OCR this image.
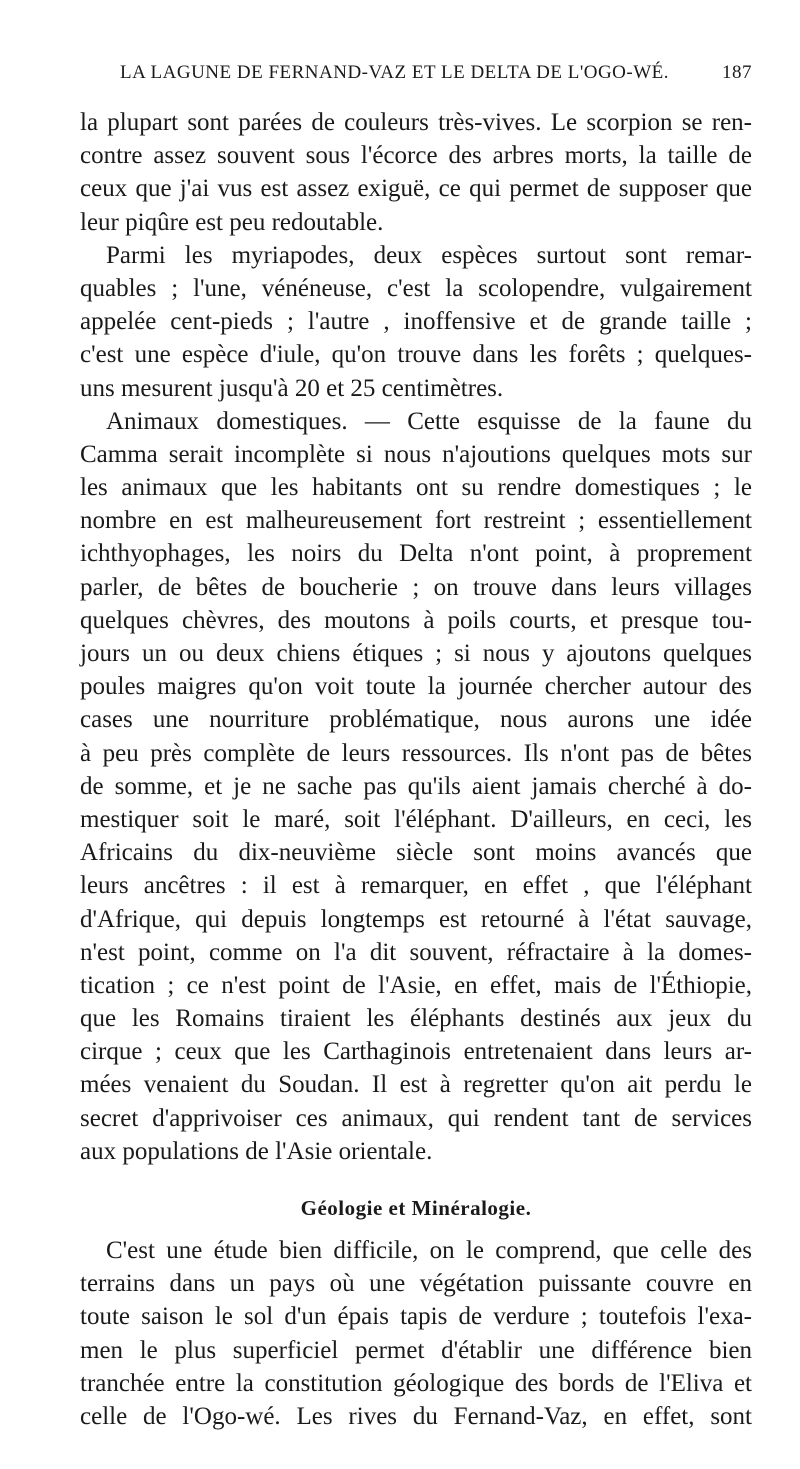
LA LAGUNE DE FERNAND-VAZ ET LE DELTA DE L'OGO-WÉ.	187
la plupart sont parées de couleurs très-vives. Le scorpion se ren-
contre assez souvent sous l'écorce des arbres morts, la taille de
ceux que j'ai vus est assez exiguë, ce qui permet de supposer que
leur piqûre est peu redoutable.
Parmi les myriapodes, deux espèces surtout sont remar-
quables ; l'une, vénéneuse, c'est la scolopendre, vulgairement
appelée cent-pieds ; l'autre , inoffensive et de grande taille ;
c'est une espèce d'iule, qu'on trouve dans les forêts ; quelques-
uns mesurent jusqu'à 20 et 25 centimètres.
Animaux domestiques. — Cette esquisse de la faune du
Camma serait incomplète si nous n'ajoutions quelques mots sur
les animaux que les habitants ont su rendre domestiques ; le
nombre en est malheureusement fort restreint ; essentiellement
ichthyophages, les noirs du Delta n'ont point, à proprement
parler, de bêtes de boucherie ; on trouve dans leurs villages
quelques chèvres, des moutons à poils courts, et presque tou-
jours un ou deux chiens étiques ; si nous y ajoutons quelques
poules maigres qu'on voit toute la journée chercher autour des
cases une nourriture problématique, nous aurons une idée
à peu près complète de leurs ressources. Ils n'ont pas de bêtes
de somme, et je ne sache pas qu'ils aient jamais cherché à do-
mestiquer soit le maré, soit l'éléphant. D'ailleurs, en ceci, les
Africains du dix-neuvième siècle sont moins avancés que
leurs ancêtres : il est à remarquer, en effet , que l'éléphant
d'Afrique, qui depuis longtemps est retourné à l'état sauvage,
n'est point, comme on l'a dit souvent, réfractaire à la domes-
tication ; ce n'est point de l'Asie, en effet, mais de l'Éthiopie,
que les Romains tiraient les éléphants destinés aux jeux du
cirque ; ceux que les Carthaginois entretenaient dans leurs ar-
mées venaient du Soudan. Il est à regretter qu'on ait perdu le
secret d'apprivoiser ces animaux, qui rendent tant de services
aux populations de l'Asie orientale.
Géologie et Minéralogie.
C'est une étude bien difficile, on le comprend, que celle des
terrains dans un pays où une végétation puissante couvre en
toute saison le sol d'un épais tapis de verdure ; toutefois l'exa-
men le plus superficiel permet d'établir une différence bien
tranchée entre la constitution géologique des bords de l'Eliva et
celle de l'Ogo-wé. Les rives du Fernand-Vaz, en effet, sont
